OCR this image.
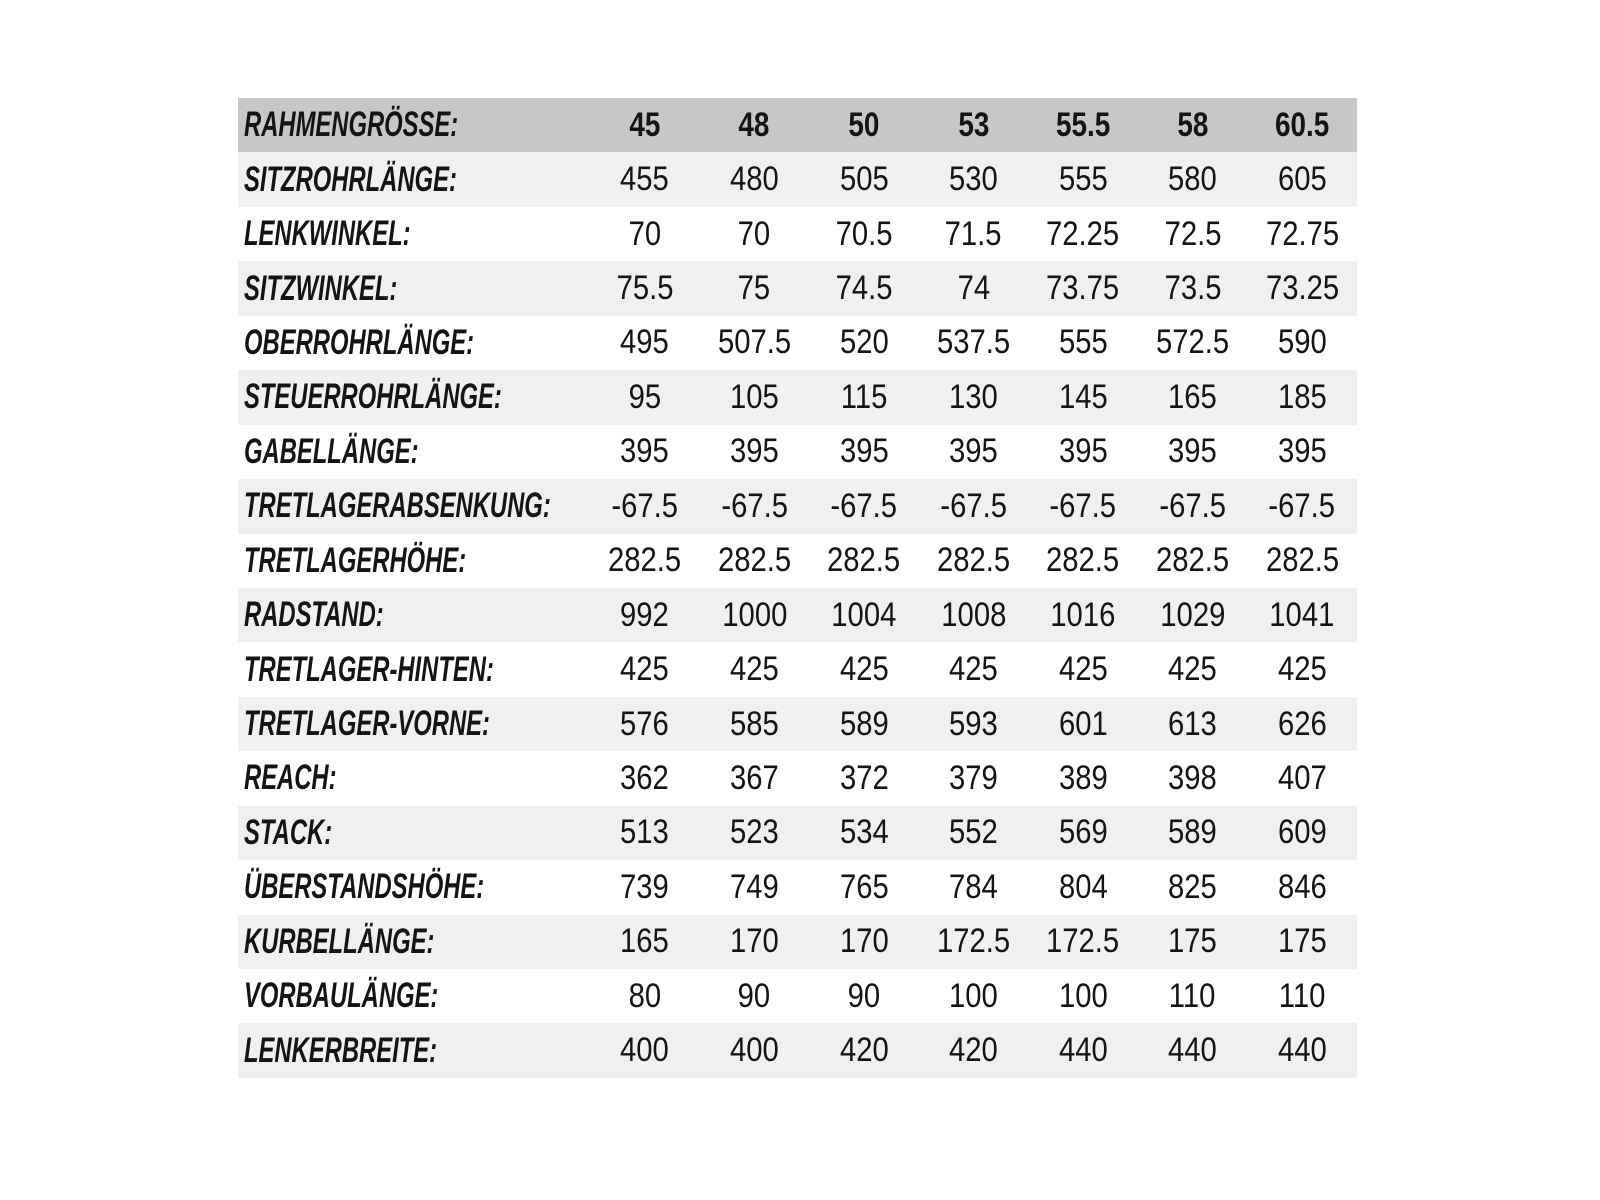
RAHMENGRÖSSE:	45	48	50	53	55.5	58	60.5
SITZROHRLÄNGE:	455	480	505	530	555	580	605
LENKWINKEL:	70	70	70.5	71.5	72.25	72.5	72.75
SITZWINKEL:	75.5	75	74.5	74	73.75	73.5	73.25
OBERROHRLÄNGE:	495	507.5	520	537.5	555	572.5	590
STEUERROHRLÄNGE:	95	105	115	130	145	165	185
GABELLÄNGE:	395	395	395	395	395	395	395
TRETLAGERABSENKUNG:	-67.5	-67.5	-67.5	-67.5	-67.5	-67.5	-67.5
TRETLAGERHÖHE:	282.5	282.5	282.5	282.5	282.5	282.5	282.5
RADSTAND:	992	1000	1004	1008	1016	1029	1041
TRETLAGER-HINTEN:	425	425	425	425	425	425	425
TRETLAGER-VORNE:	576	585	589	593	601	613	626
REACH:	362	367	372	379	389	398	407
STACK:	513	523	534	552	569	589	609
ÜBERSTANDSHÖHE:	739	749	765	784	804	825	846
KURBELLÄNGE:	165	170	170	172.5	172.5	175	175
VORBAULÄNGE:	80	90	90	100	100	110	110
LENKERBREITE:	400	400	420	420	440	440	440
